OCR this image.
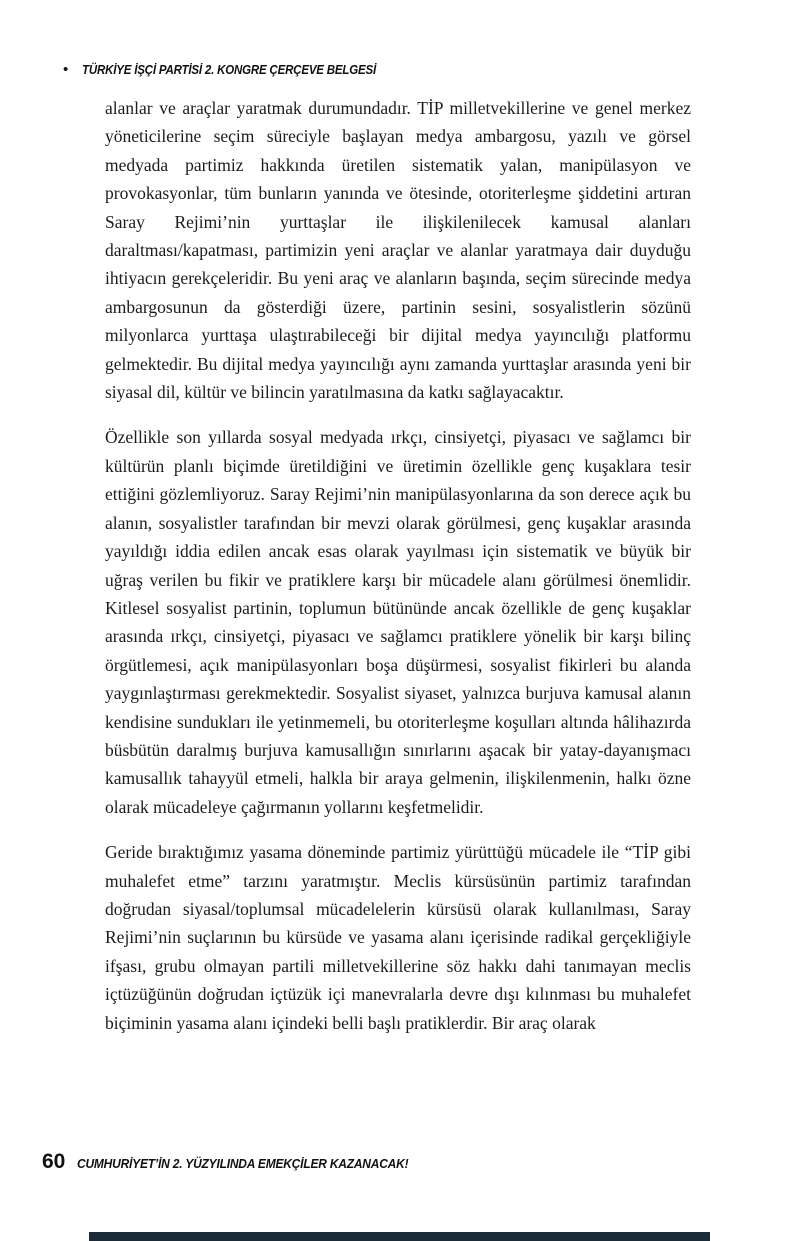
• TÜRKİYE İŞÇİ PARTİSİ 2. KONGRE ÇERÇEVE BELGESİ

alanlar ve araçlar yaratmak durumundadır. TİP milletvekillerine ve genel merkez yöneticilerine seçim süreciyle başlayan medya ambargosu, yazılı ve görsel medyada partimiz hakkında üretilen sistematik yalan, manipülasyon ve provokasyonlar, tüm bunların yanında ve ötesinde, otoriterleşme şiddetini artıran Saray Rejimi’nin yurttaşlar ile ilişkilenilecek kamusal alanları daraltması/kapatması, partimizin yeni araçlar ve alanlar yaratmaya dair duyduğu ihtiyacın gerekçeleridir. Bu yeni araç ve alanların başında, seçim sürecinde medya ambargosunun da gösterdiği üzere, partinin sesini, sosyalistlerin sözünü milyonlarca yurttaşa ulaştırabileceği bir dijital medya yayıncılığı platformu gelmektedir. Bu dijital medya yayıncılığı aynı zamanda yurttaşlar arasında yeni bir siyasal dil, kültür ve bilincin yaratılmasına da katkı sağlayacaktır.

Özellikle son yıllarda sosyal medyada ırkçı, cinsiyetçi, piyasacı ve sağlamcı bir kültürün planlı biçimde üretildiğini ve üretimin özellikle genç kuşaklara tesir ettiğini gözlemliyoruz. Saray Rejimi’nin manipülasyonlarına da son derece açık bu alanın, sosyalistler tarafından bir mevzi olarak görülmesi, genç kuşaklar arasında yayıldığı iddia edilen ancak esas olarak yayılması için sistematik ve büyük bir uğraş verilen bu fikir ve pratiklere karşı bir mücadele alanı görülmesi önemlidir. Kitlesel sosyalist partinin, toplumun bütününde ancak özellikle de genç kuşaklar arasında ırkçı, cinsiyetçi, piyasacı ve sağlamcı pratiklere yönelik bir karşı bilinç örgütlemesi, açık manipülasyonları boşa düşürmesi, sosyalist fikirleri bu alanda yaygınlaştırması gerekmektedir. Sosyalist siyaset, yalnızca burjuva kamusal alanın kendisine sundukları ile yetinmemeli, bu otoriterleşme koşulları altında hâlihazırda büsbütün daralmış burjuva kamusallığın sınırlarını aşacak bir yatay-dayanışmacı kamusallık tahayyül etmeli, halkla bir araya gelmenin, ilişkilenmenin, halkı özne olarak mücadeleye çağırmanın yollarını keşfetmelidir.

Geride bıraktığımız yasama döneminde partimiz yürüttüğü mücadele ile “TİP gibi muhalefet etme” tarzını yaratmıştır. Meclis kürsüsünün partimiz tarafından doğrudan siyasal/toplumsal mücadelelerin kürsüsü olarak kullanılması, Saray Rejimi’nin suçlarının bu kürsüde ve yasama alanı içerisinde radikal gerçekliğiyle ifşası, grubu olmayan partili milletvekillerine söz hakkı dahi tanımayan meclis içtüzüğünün doğrudan içtüzük içi manevralarla devre dışı kılınması bu muhalefet biçiminin yasama alanı içindeki belli başlı pratiklerdir. Bir araç olarak

60 CUMHURİYET’İN 2. YÜZYILINDA EMEKÇİLER KAZANACAK!
